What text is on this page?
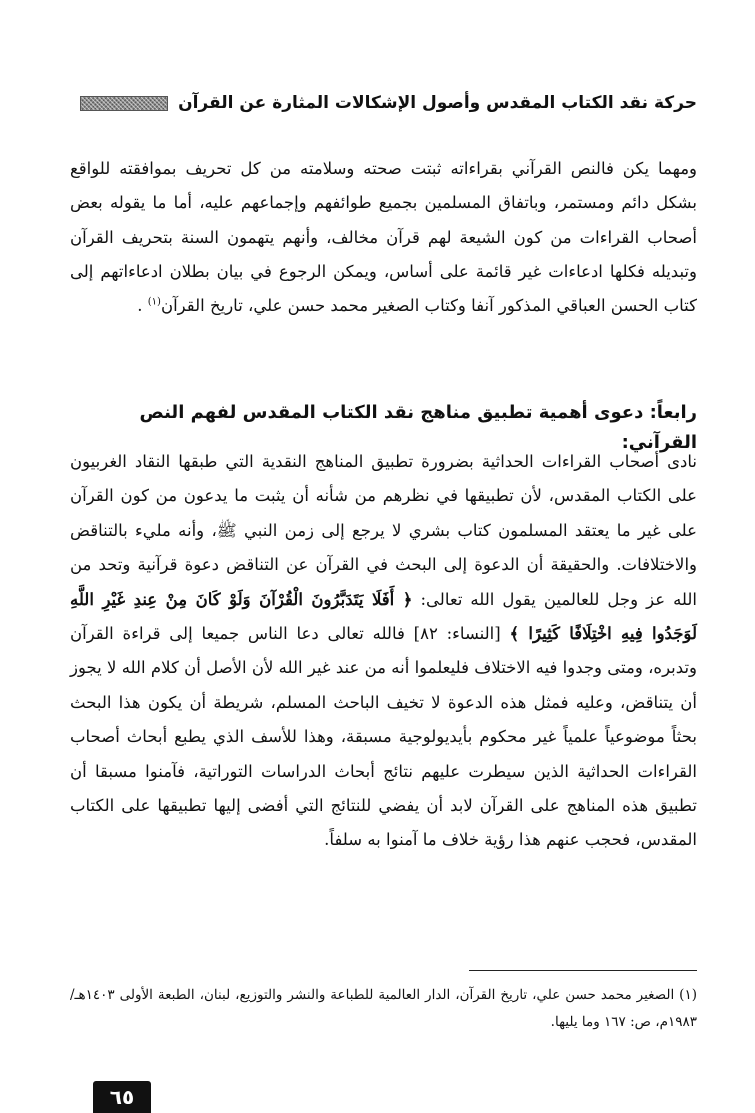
حركة نقد الكتاب المقدس وأصول الإشكالات المثارة عن القرآن

ومهما يكن فالنص القرآني بقراءاته ثبتت صحته وسلامته من كل تحريف بموافقته للواقع بشكل دائم ومستمر، وباتفاق المسلمين بجميع طوائفهم وإجماعهم عليه، أما ما يقوله بعض أصحاب القراءات من كون الشيعة لهم قرآن مخالف، وأنهم يتهمون السنة بتحريف القرآن وتبديله فكلها ادعاءات غير قائمة على أساس، ويمكن الرجوع في بيان بطلان ادعاءاتهم إلى كتاب الحسن العباقي المذكور آنفا وكتاب الصغير محمد حسن علي، تاريخ القرآن$^{(١)}$ .

رابعاً: دعوى أهمية تطبيق مناهج نقد الكتاب المقدس لفهم النص القرآني:

نادى أصحاب القراءات الحداثية بضرورة تطبيق المناهج النقدية التي طبقها النقاد الغربيون على الكتاب المقدس، لأن تطبيقها في نظرهم من شأنه أن يثبت ما يدعون من كون القرآن على غير ما يعتقد المسلمون كتاب بشري لا يرجع إلى زمن النبي ﷺ، وأنه مليء بالتناقض والاختلافات. والحقيقة أن الدعوة إلى البحث في القرآن عن التناقض دعوة قرآنية وتحد من الله عز وجل للعالمين يقول الله تعالى: ﴿ أَفَلَا يَتَدَبَّرُونَ الْقُرْآنَ وَلَوْ كَانَ مِنْ عِندِ غَيْرِ اللَّهِ لَوَجَدُوا فِيهِ اخْتِلَافًا كَثِيرًا ﴾ [النساء: ٨٢] فالله تعالى دعا الناس جميعا إلى قراءة القرآن وتدبره، ومتى وجدوا فيه الاختلاف فليعلموا أنه من عند غير الله لأن الأصل أن كلام الله لا يجوز أن يتناقض، وعليه فمثل هذه الدعوة لا تخيف الباحث المسلم، شريطة أن يكون هذا البحث بحثاً موضوعياً علمياً غير محكوم بأيديولوجية مسبقة، وهذا للأسف الذي يطبع أبحاث أصحاب القراءات الحداثية الذين سيطرت عليهم نتائج أبحاث الدراسات التوراتية، فآمنوا مسبقا أن تطبيق هذه المناهج على القرآن لابد أن يفضي للنتائج التي أفضى إليها تطبيقها على الكتاب المقدس، فحجب عنهم هذا رؤية خلاف ما آمنوا به سلفاً.

(١) الصغير محمد حسن علي، تاريخ القرآن، الدار العالمية للطباعة والنشر والتوزيع، لبنان، الطبعة الأولى ١٤٠٣هـ/ ١٩٨٣م، ص: ١٦٧ وما يليها.

٦٥
